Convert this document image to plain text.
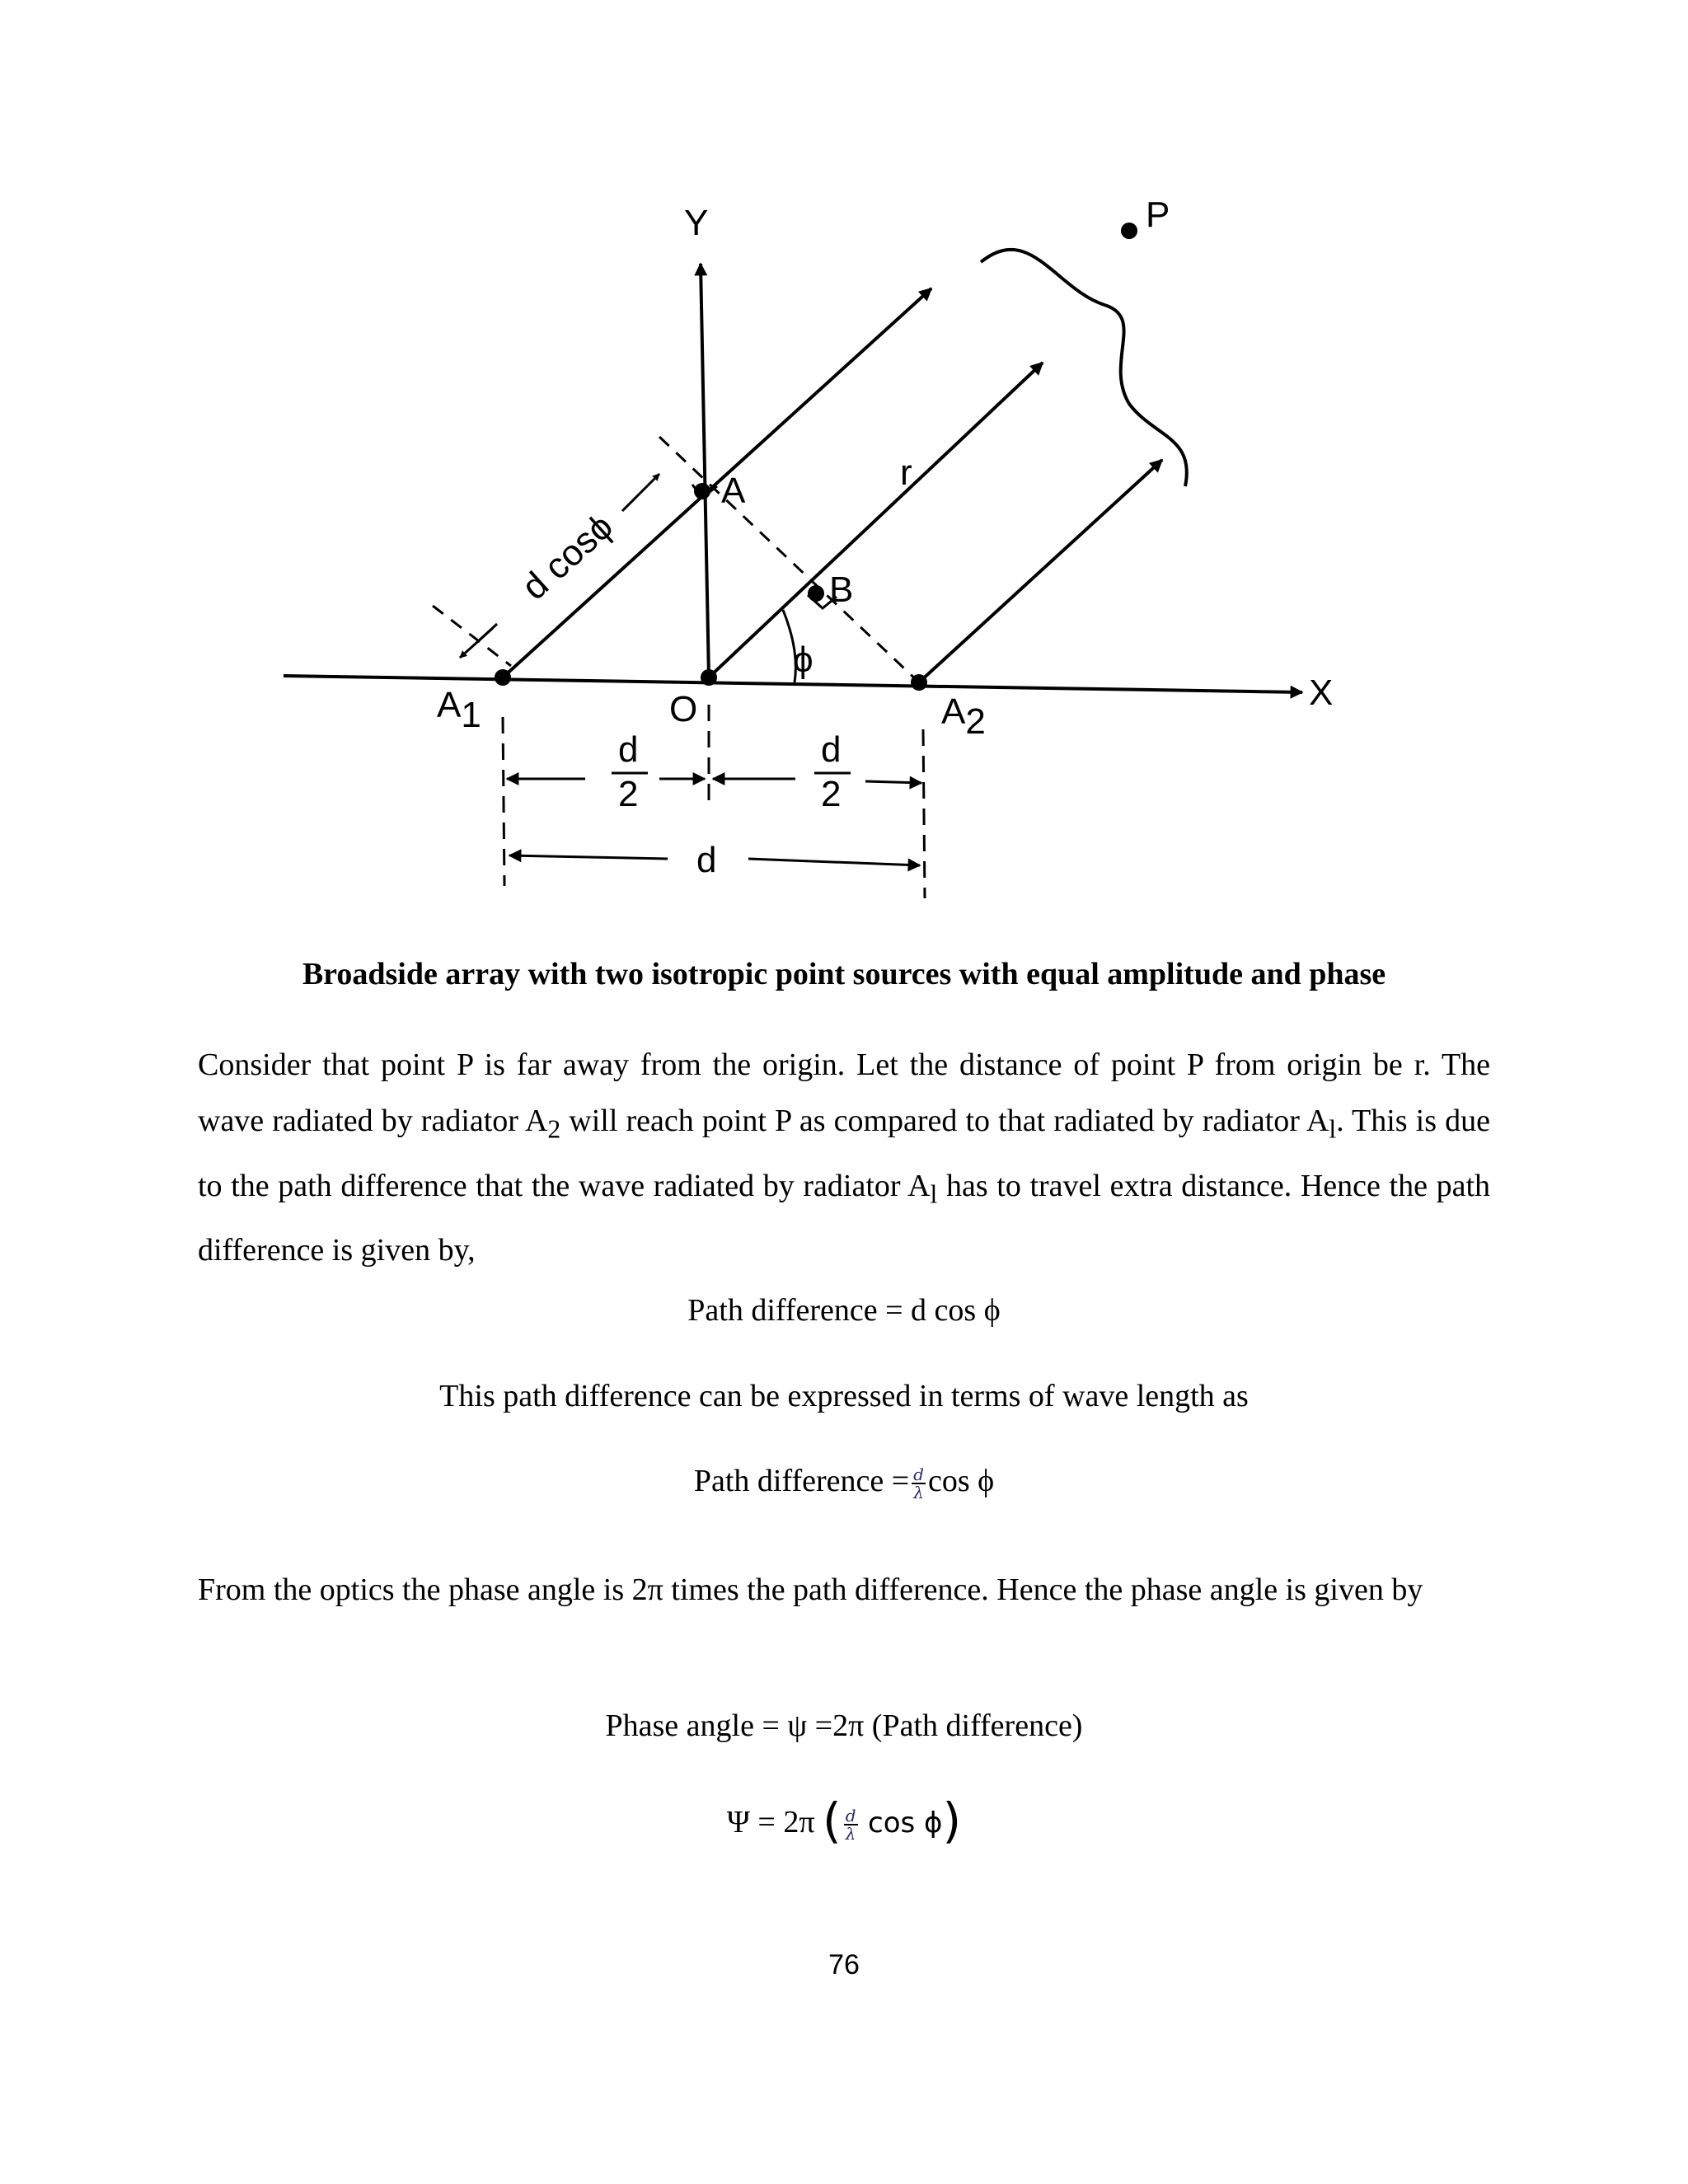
Y
X
P
A
B
O
A1	A2
r
ϕ
d cosϕ
d
2
d
2
d
Broadside array with two isotropic point sources with equal amplitude and phase

Consider that point P is far away from the origin. Let the distance of point P from origin be r. The wave radiated by radiator $A_2$ will reach point P as compared to that radiated by radiator $A_l$. This is due to the path difference that the wave radiated by radiator $A_l$ has to travel extra distance. Hence the path difference is given by,

Path difference = d cos ϕ
This path difference can be expressed in terms of wave length as
Path difference = $\frac{d}{\lambda}$ cos ϕ

From the optics the phase angle is 2π times the path difference. Hence the phase angle is given by

Phase angle = ψ =2π (Path difference)
Ψ = 2π ( $\frac{d}{\lambda}$ cos ϕ)
76
